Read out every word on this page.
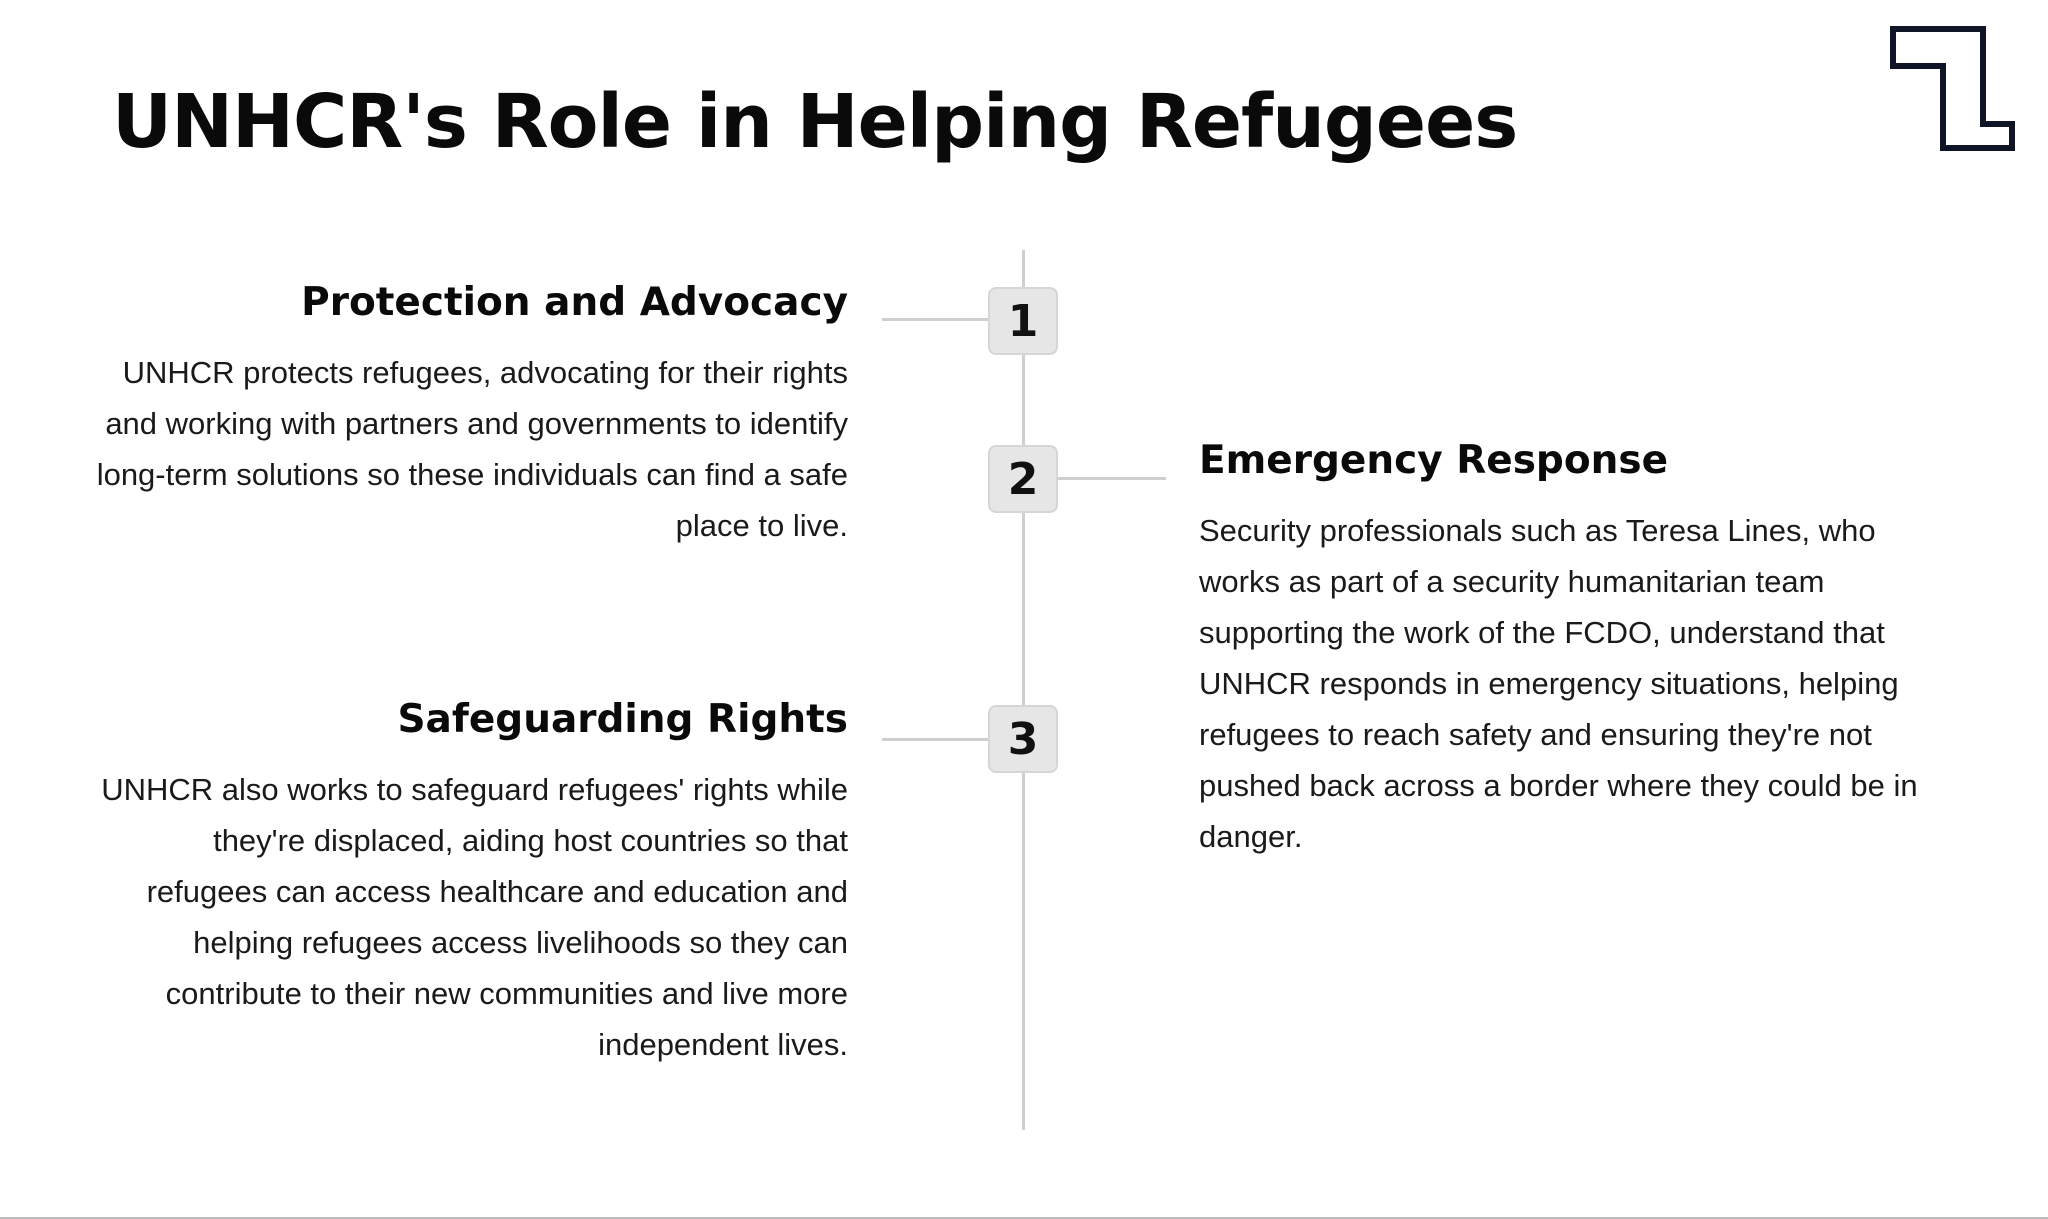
UNHCR's Role in Helping Refugees
1
Protection and Advocacy

UNHCR protects refugees, advocating for their rights and working with partners and governments to identify long-term solutions so these individuals can find a safe place to live.

2	Emergency Response

Security professionals such as Teresa Lines, who works as part of a security humanitarian team supporting the work of the FCDO, understand that UNHCR responds in emergency situations, helping refugees to reach safety and ensuring they're not pushed back across a border where they could be in danger.

3
Safeguarding Rights

UNHCR also works to safeguard refugees' rights while they're displaced, aiding host countries so that refugees can access healthcare and education and helping refugees access livelihoods so they can contribute to their new communities and live more independent lives.
